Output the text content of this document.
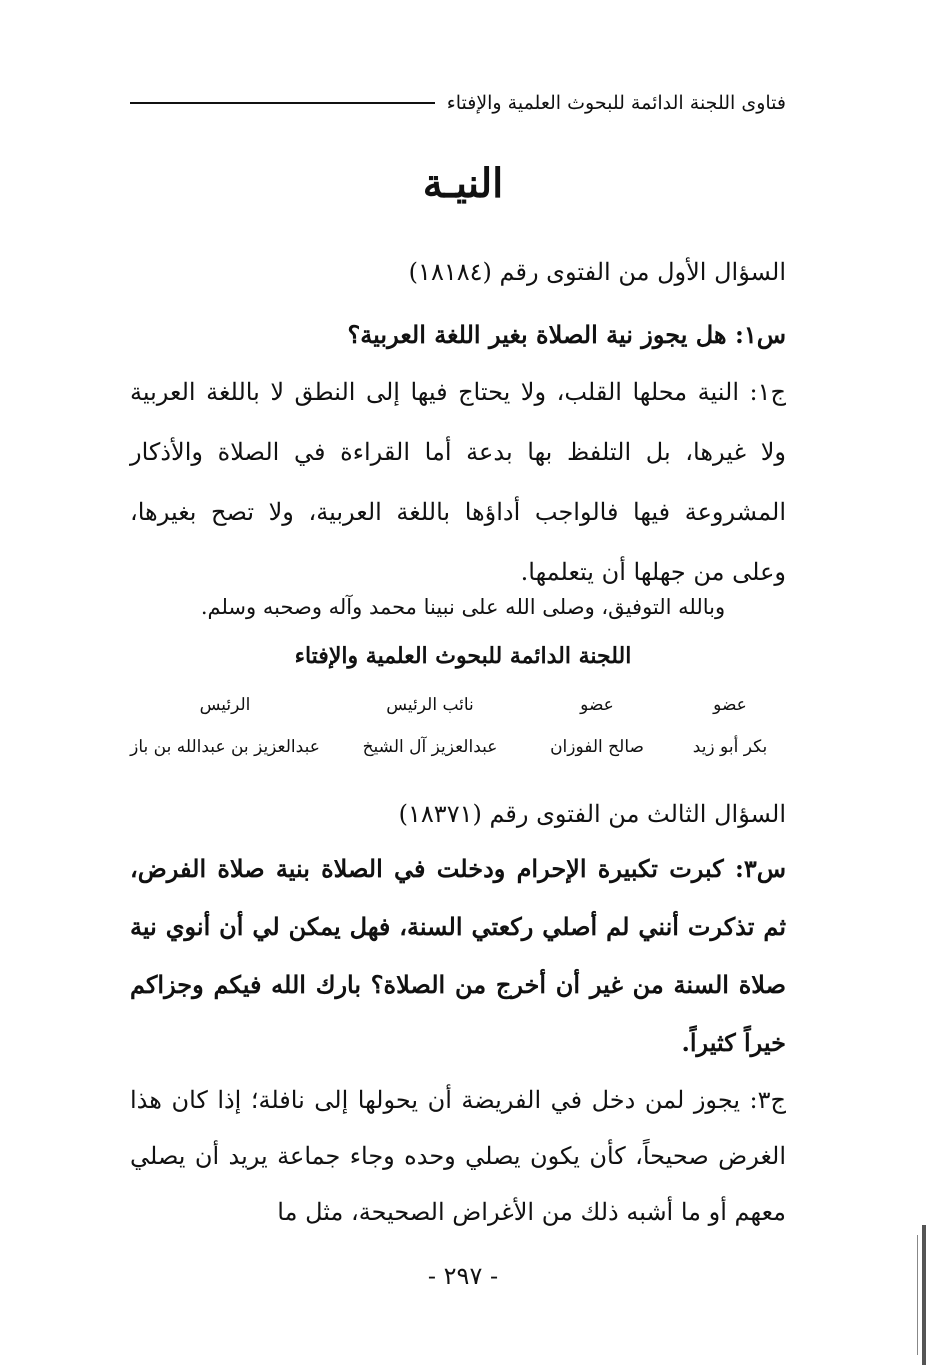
فتاوى اللجنة الدائمة للبحوث العلمية والإفتاء
النيـة
السؤال الأول من الفتوى رقم (١٨١٨٤)
س١: هل يجوز نية الصلاة بغير اللغة العربية؟
ج١: النية محلها القلب، ولا يحتاج فيها إلى النطق لا باللغة العربية ولا غيرها، بل التلفظ بها بدعة أما القراءة في الصلاة والأذكار المشروعة فيها فالواجب أداؤها باللغة العربية، ولا تصح بغيرها، وعلى من جهلها أن يتعلمها.
وبالله التوفيق، وصلى الله على نبينا محمد وآله وصحبه وسلم.
اللجنة الدائمة للبحوث العلمية والإفتاء
الرئيس
عبدالعزيز بن عبدالله بن باز
نائب الرئيس
عبدالعزيز آل الشيخ
عضو
صالح الفوزان
عضو
بكر أبو زيد
السؤال الثالث من الفتوى رقم (١٨٣٧١)
س٣: كبرت تكبيرة الإحرام ودخلت في الصلاة بنية صلاة الفرض، ثم تذكرت أنني لم أصلي ركعتي السنة، فهل يمكن لي أن أنوي نية صلاة السنة من غير أن أخرج من الصلاة؟ بارك الله فيكم وجزاكم خيراً كثيراً.
ج٣: يجوز لمن دخل في الفريضة أن يحولها إلى نافلة؛ إذا كان هذا الغرض صحيحاً، كأن يكون يصلي وحده وجاء جماعة يريد أن يصلي معهم أو ما أشبه ذلك من الأغراض الصحيحة، مثل ما
- ٢٩٧ -
